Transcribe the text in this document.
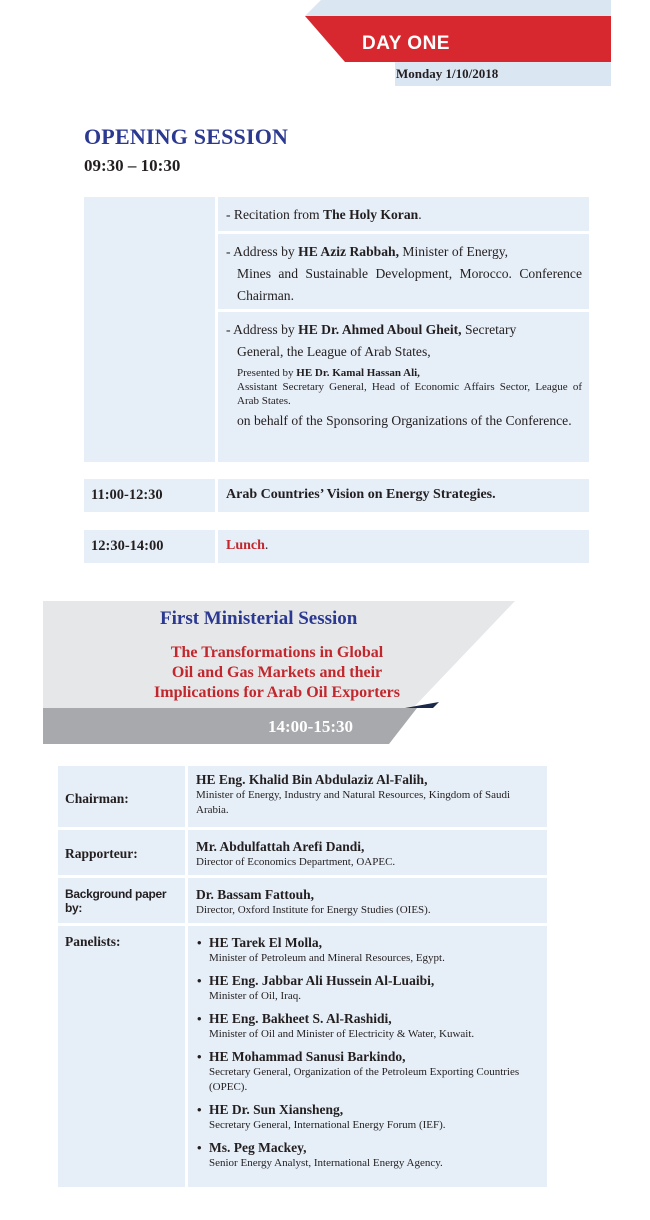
DAY ONE
Monday 1/10/2018
OPENING SESSION
09:30 – 10:30
- Recitation from The Holy Koran.
- Address by HE Aziz Rabbah, Minister of Energy,
Mines and Sustainable Development, Morocco. Conference Chairman.
- Address by HE Dr. Ahmed Aboul Gheit, Secretary
General, the League of Arab States,
Presented by HE Dr. Kamal Hassan Ali,
Assistant Secretary General, Head of Economic Affairs Sector, League of Arab States.
on behalf of the Sponsoring Organizations of the Conference.
11:00-12:30	Arab Countries’ Vision on Energy Strategies.
12:30-14:00	Lunch.
First Ministerial Session
The Transformations in Global
Oil and Gas Markets and their
Implications for Arab Oil Exporters
14:00-15:30
Chairman:
HE Eng. Khalid Bin Abdulaziz Al-Falih,
Minister of Energy, Industry and Natural Resources, Kingdom of Saudi Arabia.
Rapporteur:	Mr. Abdulfattah Arefi Dandi,
Director of Economics Department, OAPEC.
Background paper by:
Dr. Bassam Fattouh,
Director, Oxford Institute for Energy Studies (OIES).
Panelists:	• HE Tarek El Molla,
Minister of Petroleum and Mineral Resources, Egypt.
• HE Eng. Jabbar Ali Hussein Al-Luaibi,
Minister of Oil, Iraq.
• HE Eng. Bakheet S. Al-Rashidi,
Minister of Oil and Minister of Electricity & Water, Kuwait.
• HE Mohammad Sanusi Barkindo,
Secretary General, Organization of the Petroleum Exporting Countries (OPEC).
• HE Dr. Sun Xiansheng,
Secretary General, International Energy Forum (IEF).
• Ms. Peg Mackey,
Senior Energy Analyst, International Energy Agency.
